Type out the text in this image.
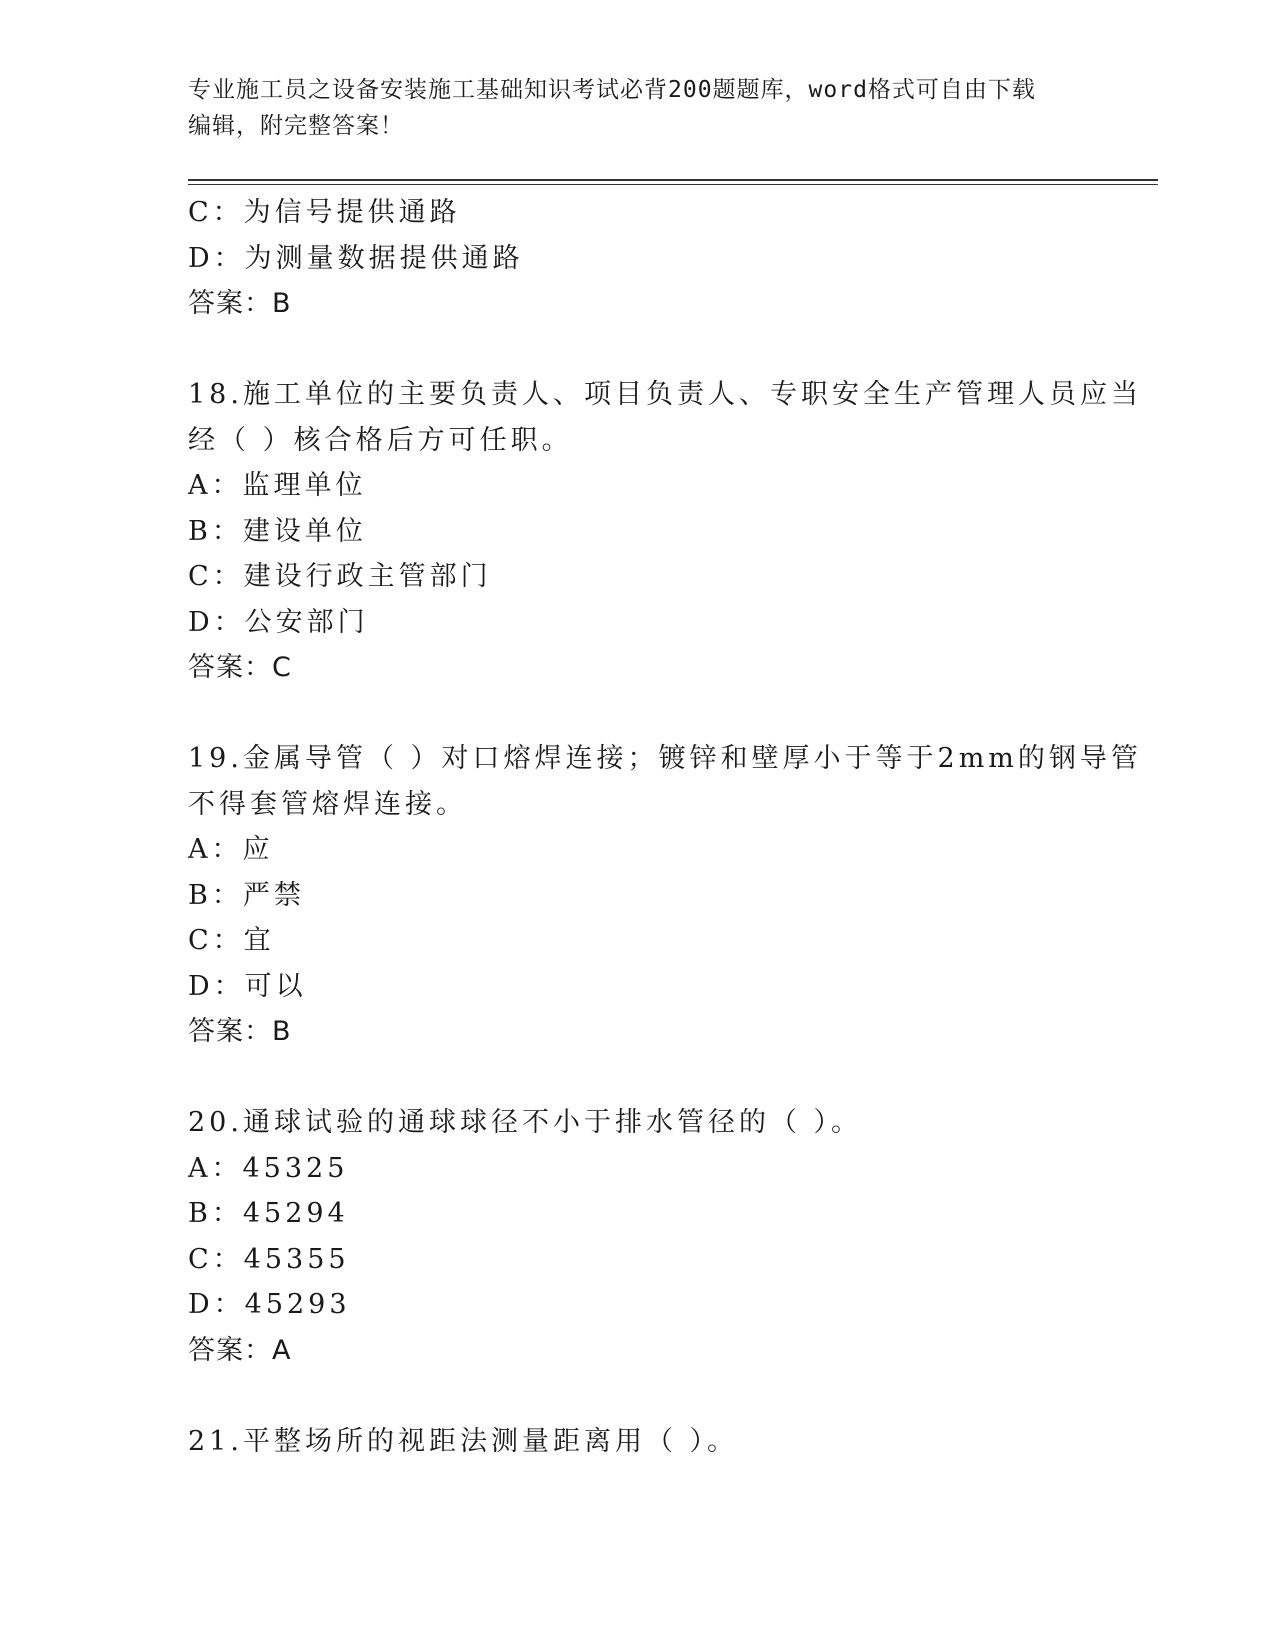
专业施工员之设备安装施工基础知识考试必背200题题库，word格式可自由下载
编辑，附完整答案！
C：为信号提供通路
D：为测量数据提供通路
答案：B
18.施工单位的主要负责人、项目负责人、专职安全生产管理人员应当
经（ ）核合格后方可任职。
A：监理单位
B：建设单位
C：建设行政主管部门
D：公安部门
答案：C
19.金属导管（ ）对口熔焊连接；镀锌和壁厚小于等于2mm的钢导管
不得套管熔焊连接。
A：应
B：严禁
C：宜
D：可以
答案：B
20.通球试验的通球球径不小于排水管径的（ ）。
A：45325
B：45294
C：45355
D：45293
答案：A
21.平整场所的视距法测量距离用（ ）。
